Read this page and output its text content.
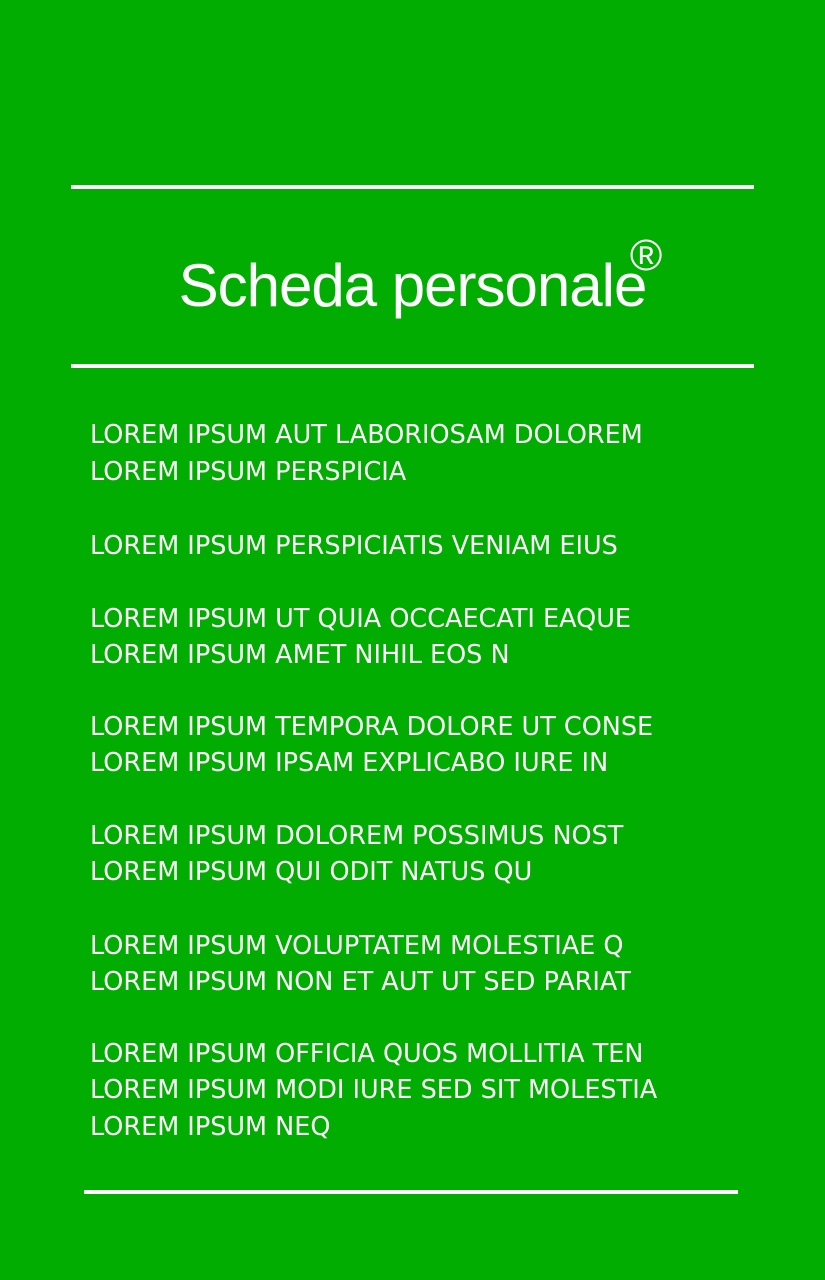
Scheda personale
®
LOREM IPSUM AUT LABORIOSAM DOLOREM
LOREM IPSUM PERSPICIA
LOREM IPSUM PERSPICIATIS VENIAM EIUS
LOREM IPSUM UT QUIA OCCAECATI EAQUE
LOREM IPSUM AMET NIHIL EOS N
LOREM IPSUM TEMPORA DOLORE UT CONSE
LOREM IPSUM IPSAM EXPLICABO IURE IN
LOREM IPSUM DOLOREM POSSIMUS NOST
LOREM IPSUM QUI ODIT NATUS QU
LOREM IPSUM VOLUPTATEM MOLESTIAE Q
LOREM IPSUM NON ET AUT UT SED PARIAT
LOREM IPSUM OFFICIA QUOS MOLLITIA TEN
LOREM IPSUM MODI IURE SED SIT MOLESTIA
LOREM IPSUM NEQ
